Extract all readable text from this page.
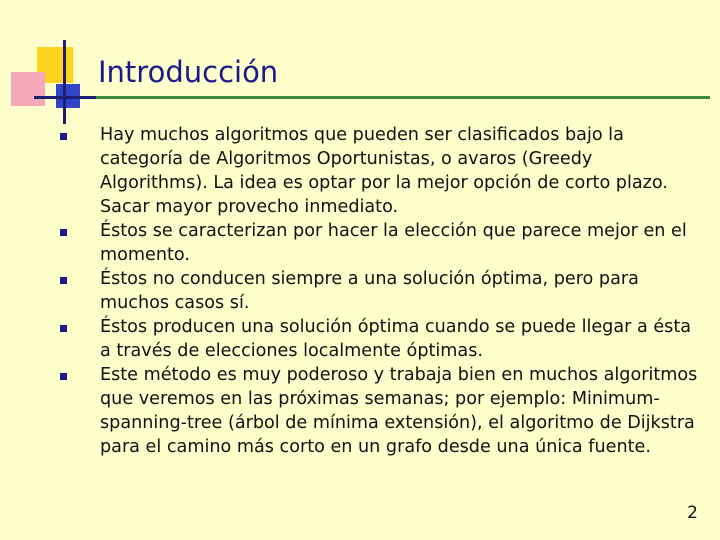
Introducción
Hay muchos algoritmos que pueden ser clasificados bajo la categoría de Algoritmos Oportunistas, o avaros (Greedy Algorithms). La idea es optar por la mejor opción de corto plazo. Sacar mayor provecho inmediato.
Éstos se caracterizan por hacer la elección que parece mejor en el momento.
Éstos no conducen siempre a una solución óptima, pero para muchos casos sí.
Éstos producen una solución óptima cuando se puede llegar a ésta a través de elecciones localmente óptimas.
Este método es muy poderoso y trabaja bien en muchos algoritmos que veremos en las próximas semanas; por ejemplo: Minimum-spanning-tree (árbol de mínima extensión), el algoritmo de Dijkstra para el camino más corto en un grafo desde una única fuente.
2
